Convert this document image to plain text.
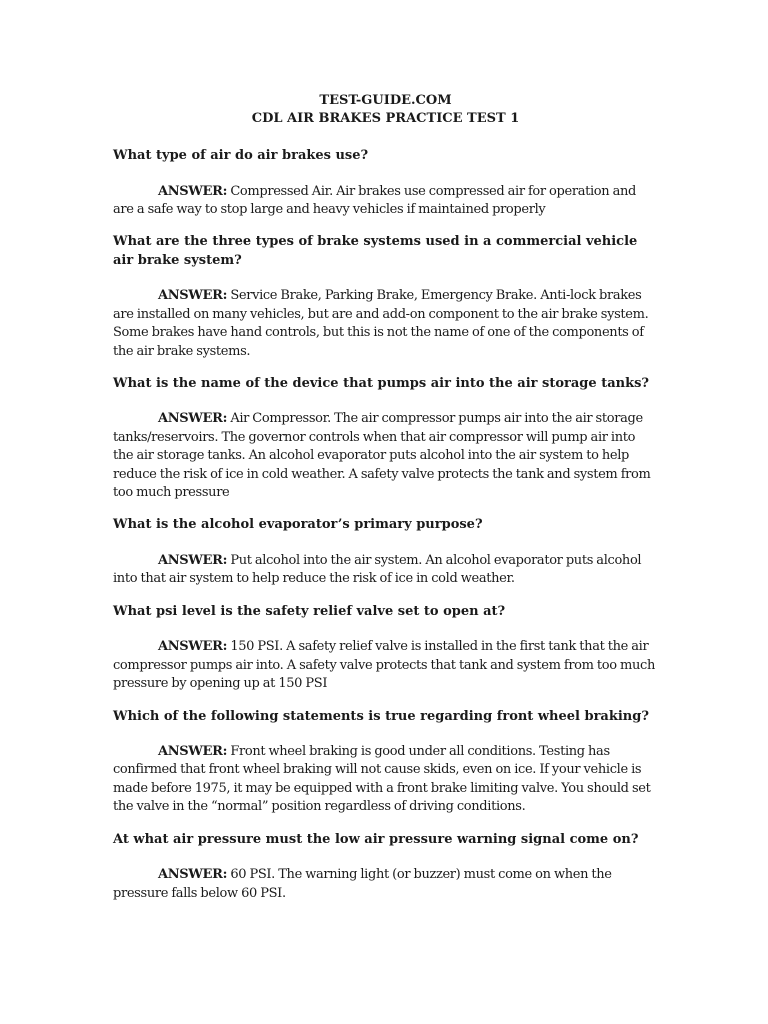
TEST-GUIDE.COM
CDL AIR BRAKES PRACTICE TEST 1

What type of air do air brakes use?

ANSWER: Compressed Air. Air brakes use compressed air for operation and are a safe way to stop large and heavy vehicles if maintained properly

What are the three types of brake systems used in a commercial vehicle air brake system?

ANSWER: Service Brake, Parking Brake, Emergency Brake. Anti-lock brakes are installed on many vehicles, but are and add-on component to the air brake system. Some brakes have hand controls, but this is not the name of one of the components of the air brake systems.

What is the name of the device that pumps air into the air storage tanks?

ANSWER: Air Compressor. The air compressor pumps air into the air storage tanks/reservoirs. The governor controls when that air compressor will pump air into the air storage tanks. An alcohol evaporator puts alcohol into the air system to help reduce the risk of ice in cold weather. A safety valve protects the tank and system from too much pressure

What is the alcohol evaporator’s primary purpose?

ANSWER: Put alcohol into the air system. An alcohol evaporator puts alcohol into that air system to help reduce the risk of ice in cold weather.

What psi level is the safety relief valve set to open at?

ANSWER: 150 PSI. A safety relief valve is installed in the first tank that the air compressor pumps air into. A safety valve protects that tank and system from too much pressure by opening up at 150 PSI

Which of the following statements is true regarding front wheel braking?

ANSWER: Front wheel braking is good under all conditions. Testing has confirmed that front wheel braking will not cause skids, even on ice. If your vehicle is made before 1975, it may be equipped with a front brake limiting valve. You should set the valve in the “normal” position regardless of driving conditions.

At what air pressure must the low air pressure warning signal come on?

ANSWER: 60 PSI. The warning light (or buzzer) must come on when the pressure falls below 60 PSI.
